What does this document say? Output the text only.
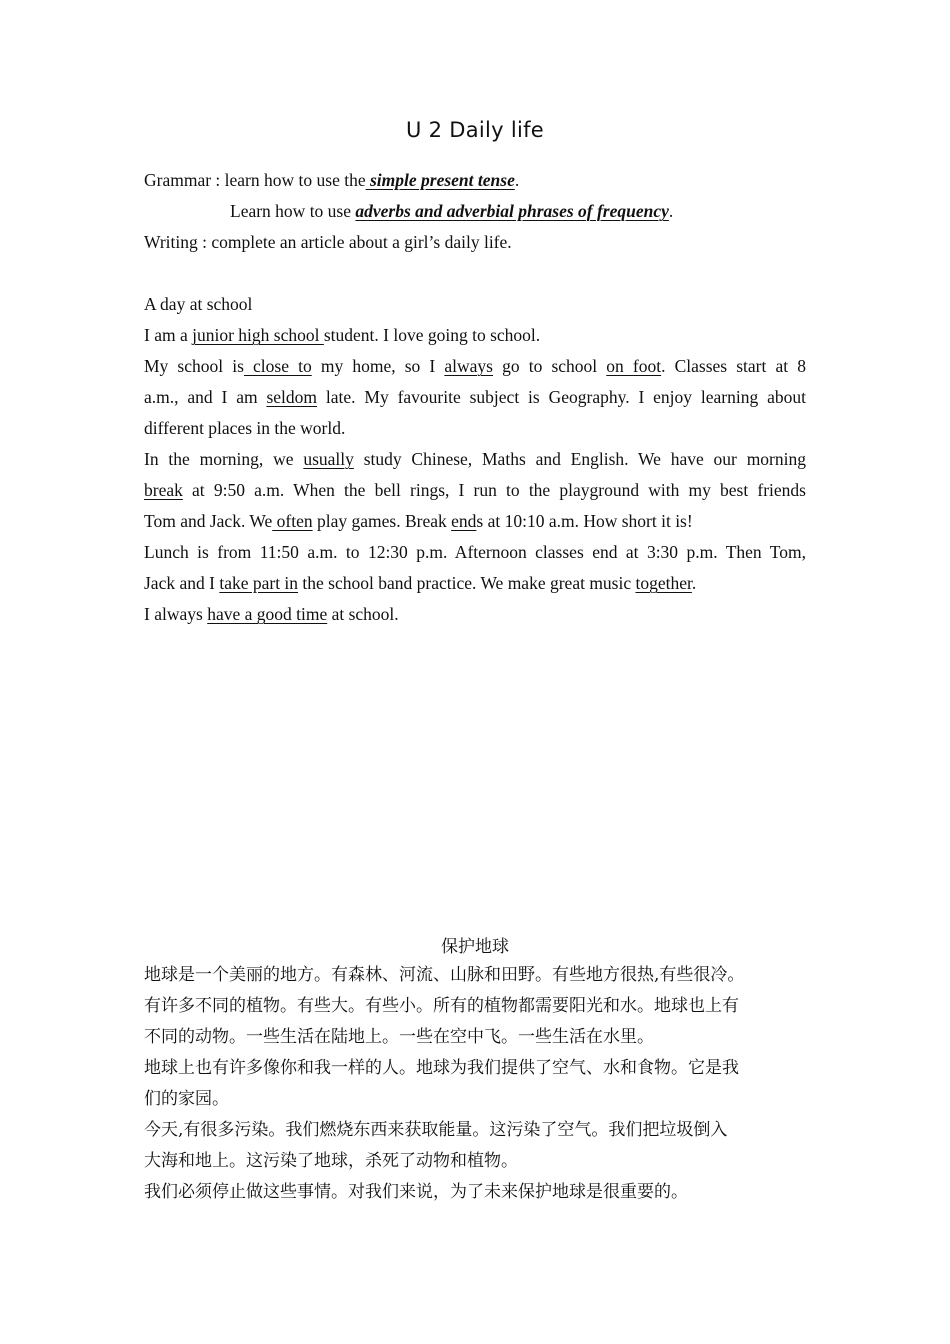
U 2 Daily life
Grammar : learn how to use the simple present tense.
Learn how to use adverbs and adverbial phrases of frequency.
Writing : complete an article about a girl’s daily life.
A day at school
I am a junior high school student. I love going to school.
My school is close to my home, so I always go to school on foot. Classes start at 8
a.m., and I am seldom late. My favourite subject is Geography. I enjoy learning about
different places in the world.
In the morning, we usually study Chinese, Maths and English. We have our morning
break at 9:50 a.m. When the bell rings, I run to the playground with my best friends
Tom and Jack. We often play games. Break ends at 10:10 a.m. How short it is!
Lunch is from 11:50 a.m. to 12:30 p.m. Afternoon classes end at 3:30 p.m. Then Tom,
Jack and I take part in the school band practice. We make great music together.
I always have a good time at school.
保护地球
地球是一个美丽的地方。有森林、河流、山脉和田野。有些地方很热,有些很冷。
有许多不同的植物。有些大。有些小。所有的植物都需要阳光和水。地球也上有
不同的动物。一些生活在陆地上。一些在空中飞。一些生活在水里。
地球上也有许多像你和我一样的人。地球为我们提供了空气、水和食物。它是我
们的家园。
今天,有很多污染。我们燃烧东西来获取能量。这污染了空气。我们把垃圾倒入
大海和地上。这污染了地球，杀死了动物和植物。
我们必须停止做这些事情。对我们来说，为了未来保护地球是很重要的。
